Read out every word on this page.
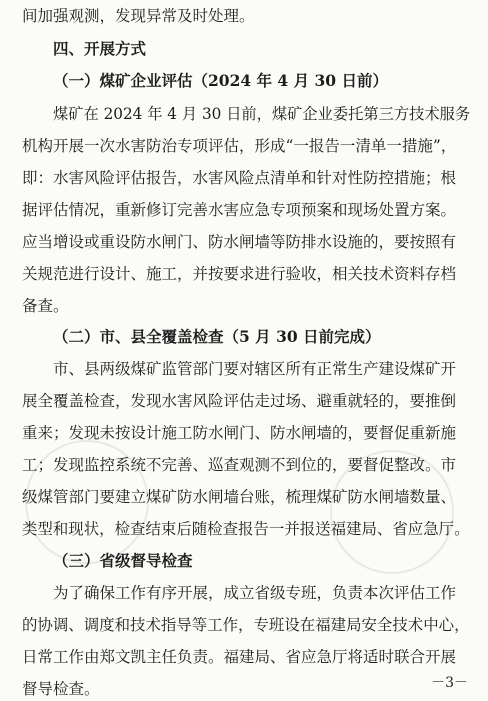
间加强观测，发现异常及时处理。
四、开展方式
（一）煤矿企业评估（2024 年 4 月 30 日前）
煤矿在 2024 年 4 月 30 日前，煤矿企业委托第三方技术服务
机构开展一次水害防治专项评估，形成“一报告一清单一措施”，
即：水害风险评估报告，水害风险点清单和针对性防控措施；根
据评估情况，重新修订完善水害应急专项预案和现场处置方案。
应当增设或重设防水闸门、防水闸墙等防排水设施的，要按照有
关规范进行设计、施工，并按要求进行验收，相关技术资料存档
备查。
（二）市、县全覆盖检查（5 月 30 日前完成）
市、县两级煤矿监管部门要对辖区所有正常生产建设煤矿开
展全覆盖检查，发现水害风险评估走过场、避重就轻的，要推倒
重来；发现未按设计施工防水闸门、防水闸墙的，要督促重新施
工；发现监控系统不完善、巡查观测不到位的，要督促整改。市
级煤管部门要建立煤矿防水闸墙台账，梳理煤矿防水闸墙数量、
类型和现状，检查结束后随检查报告一并报送福建局、省应急厅。
（三）省级督导检查
为了确保工作有序开展，成立省级专班，负责本次评估工作
的协调、调度和技术指导等工作，专班设在福建局安全技术中心，
日常工作由郑文凯主任负责。福建局、省应急厅将适时联合开展
督导检查。	－3－
